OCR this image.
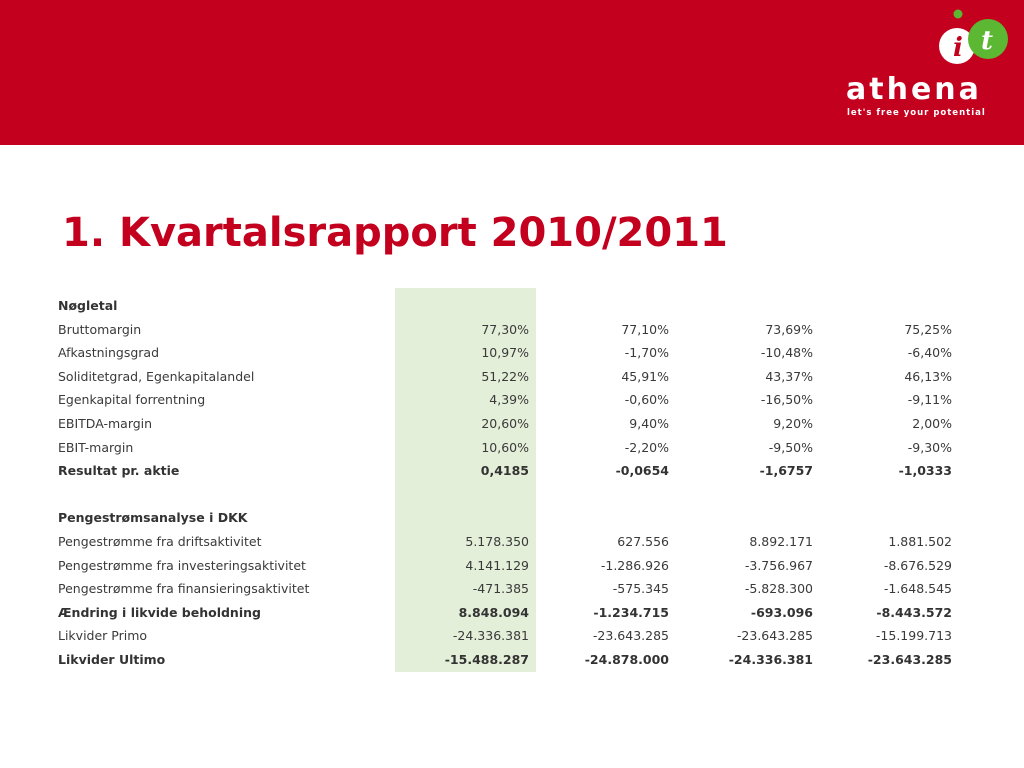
i t
athena
let's free your potential
1. Kvartalsrapport 2010/2011
Nøgletal
Bruttomargin	77,30%	77,10%	73,69%	75,25%
Afkastningsgrad	10,97%	-1,70%	-10,48%	-6,40%
Soliditetgrad, Egenkapitalandel	51,22%	45,91%	43,37%	46,13%
Egenkapital forrentning	4,39%	-0,60%	-16,50%	-9,11%
EBITDA-margin	20,60%	9,40%	9,20%	2,00%
EBIT-margin	10,60%	-2,20%	-9,50%	-9,30%
Resultat pr. aktie	0,4185	-0,0654	-1,6757	-1,0333
Pengestrømsanalyse i DKK
Pengestrømme fra driftsaktivitet	5.178.350	627.556	8.892.171	1.881.502
Pengestrømme fra investeringsaktivitet	4.141.129	-1.286.926	-3.756.967	-8.676.529
Pengestrømme fra finansieringsaktivitet	-471.385	-575.345	-5.828.300	-1.648.545
Ændring i likvide beholdning	8.848.094	-1.234.715	-693.096	-8.443.572
Likvider Primo	-24.336.381	-23.643.285	-23.643.285	-15.199.713
Likvider Ultimo	-15.488.287	-24.878.000	-24.336.381	-23.643.285
